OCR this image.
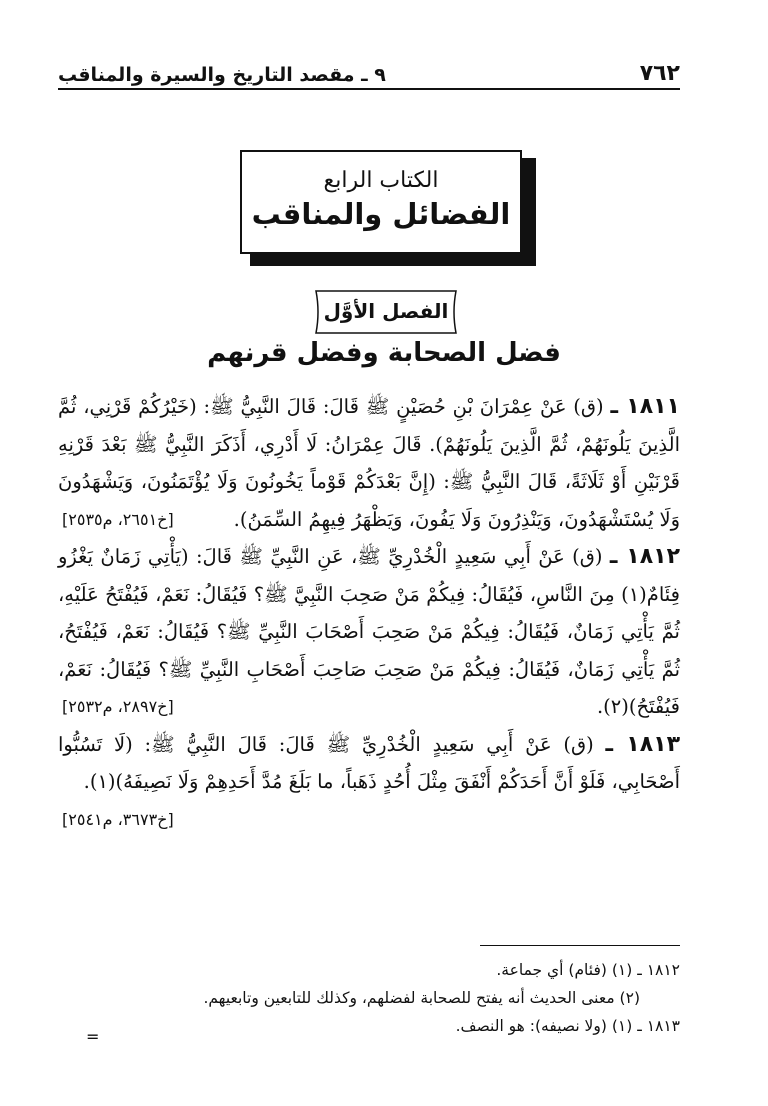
٧٦٢
٩ ـ مقصد التاريخ والسيرة والمناقب
الكتاب الرابع
الفضائل والمناقب
الفصل الأوَّل
فضل الصحابة وفضل قرنهم

١٨١١ ـ (ق) عَنْ عِمْرَانَ بْنِ حُصَيْنٍ ﷺ قَالَ: قَالَ النَّبِيُّ ﷺ: (خَيْرُكُمْ قَرْنِي، ثُمَّ الَّذِينَ يَلُونَهُمْ، ثُمَّ الَّذِينَ يَلُونَهُمْ). قَالَ عِمْرَانُ: لَا أَدْرِي، أَذَكَرَ النَّبِيُّ ﷺ بَعْدَ قَرْنِهِ قَرْنَيْنِ أَوْ ثَلَاثَةً، قَالَ النَّبِيُّ ﷺ: (إِنَّ بَعْدَكُمْ قَوْماً يَخُونُونَ وَلَا يُؤْتَمَنُونَ، وَيَشْهَدُونَ وَلَا يُسْتَشْهَدُونَ، وَيَنْذِرُونَ وَلَا يَفُونَ، وَيَظْهَرُ فِيهِمُ السِّمَنُ).
[خ٢٦٥١، م٢٥٣٥]

١٨١٢ ـ (ق) عَنْ أَبِي سَعِيدٍ الْخُدْرِيِّ ﷺ، عَنِ النَّبِيِّ ﷺ قَالَ: (يَأْتِي زَمَانٌ يَغْزُو فِئَامٌ(١) مِنَ النَّاسِ، فَيُقَالُ: فِيكُمْ مَنْ صَحِبَ النَّبِيَّ ﷺ؟ فَيُقَالُ: نَعَمْ، فَيُفْتَحُ عَلَيْهِ، ثُمَّ يَأْتِي زَمَانٌ، فَيُقَالُ: فِيكُمْ مَنْ صَحِبَ أَصْحَابَ النَّبِيِّ ﷺ؟ فَيُقَالُ: نَعَمْ، فَيُفْتَحُ، ثُمَّ يَأْتِي زَمَانٌ، فَيُقَالُ: فِيكُمْ مَنْ صَحِبَ صَاحِبَ أَصْحَابِ النَّبِيِّ ﷺ؟ فَيُقَالُ: نَعَمْ، فَيُفْتَحُ)(٢).
[خ٢٨٩٧، م٢٥٣٢]

١٨١٣ ـ (ق) عَنْ أَبِي سَعِيدٍ الْخُدْرِيِّ ﷺ قَالَ: قَالَ النَّبِيُّ ﷺ: (لَا تَسُبُّوا أَصْحَابِي، فَلَوْ أَنَّ أَحَدَكُمْ أَنْفَقَ مِثْلَ أُحُدٍ ذَهَباً، ما بَلَغَ مُدَّ أَحَدِهِمْ وَلَا نَصِيفَهُ)(١).
[خ٣٦٧٣، م٢٥٤١]

١٨١٢ ـ (١) (فئام) أي جماعة.
(٢) معنى الحديث أنه يفتح للصحابة لفضلهم، وكذلك للتابعين وتابعيهم.
١٨١٣ ـ (١) (ولا نصيفه): هو النصف.
=
